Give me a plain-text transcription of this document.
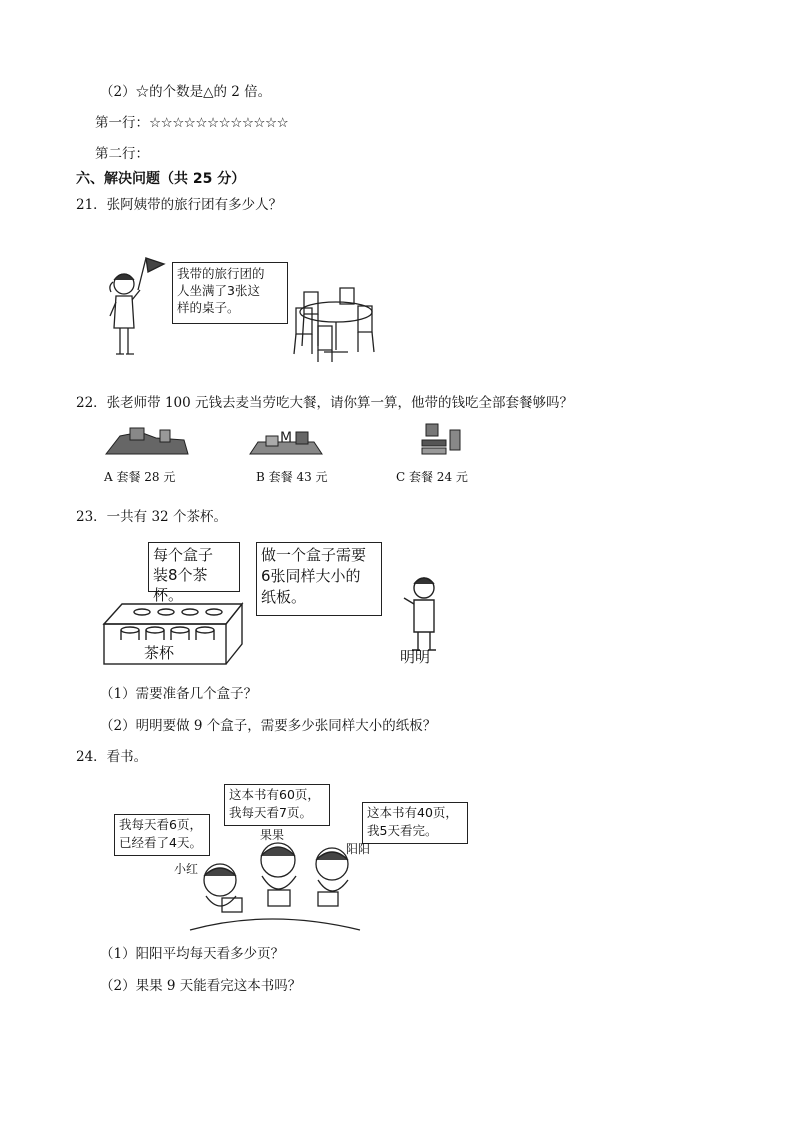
（2）☆的个数是△的 2 倍。
第一行：☆☆☆☆☆☆☆☆☆☆☆☆
第二行：
六、解决问题（共 25 分）
21．张阿姨带的旅行团有多少人？
我带的旅行团的
人坐满了3张这
样的桌子。
22．张老师带 100 元钱去麦当劳吃大餐，请你算一算，他带的钱吃全部套餐够吗？
M
A 套餐 28 元	B 套餐 43 元	C 套餐 24 元
23．一共有 32 个茶杯。
每个盒子
装8个茶杯。
做一个盒子需要
6张同样大小的
纸板。
茶杯	明明
（1）需要准备几个盒子？
（2）明明要做 9 个盒子，需要多少张同样大小的纸板？
24．看书。
我每天看6页，
已经看了4天。
这本书有60页，
我每天看7页。	这本书有40页，
我5天看完。
小红
果果
阳阳
（1）阳阳平均每天看多少页？
（2）果果 9 天能看完这本书吗？
